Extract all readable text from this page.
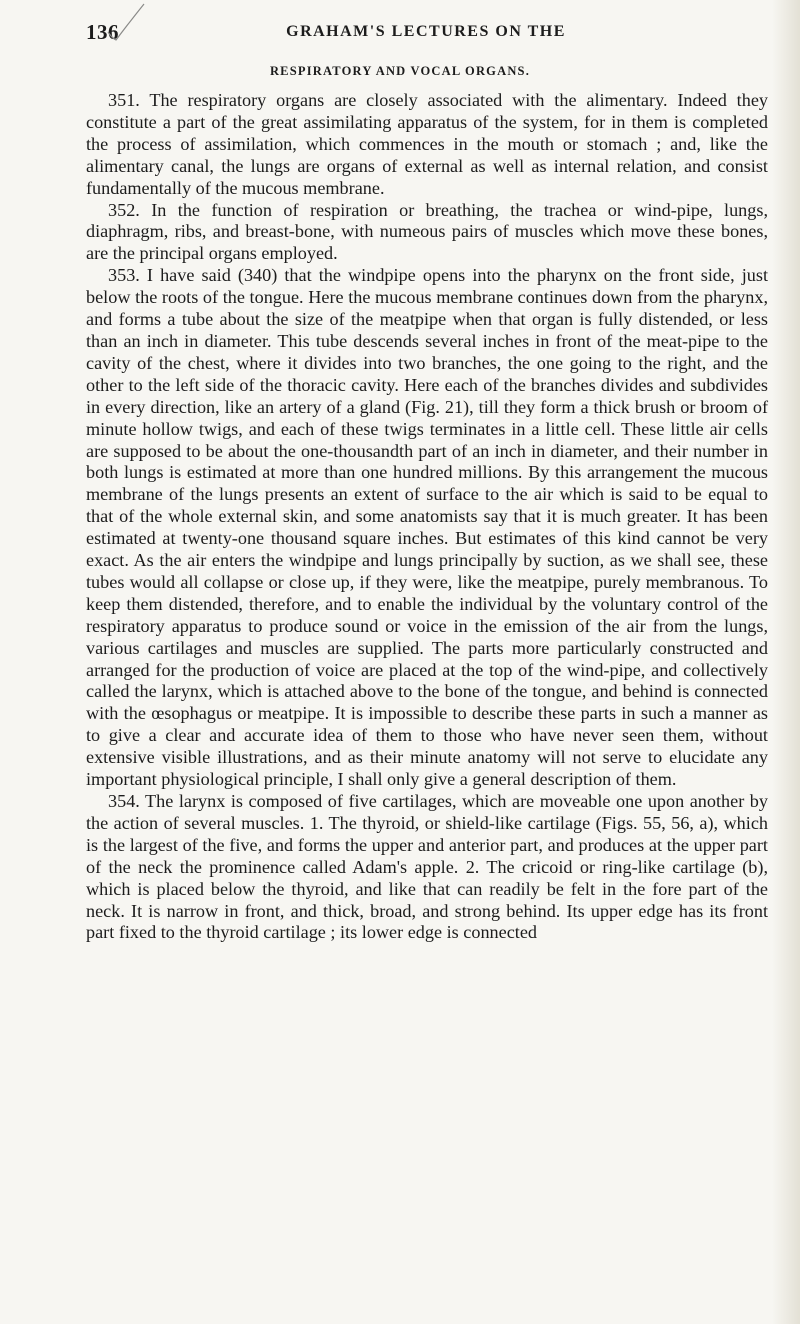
136	GRAHAM'S LECTURES ON THE
RESPIRATORY AND VOCAL ORGANS.

351. The respiratory organs are closely associated with the alimentary. Indeed they constitute a part of the great assimilating apparatus of the system, for in them is completed the process of assimilation, which commences in the mouth or stomach ; and, like the alimentary canal, the lungs are organs of external as well as internal relation, and consist fundamentally of the mucous membrane.

352. In the function of respiration or breathing, the trachea or wind-pipe, lungs, diaphragm, ribs, and breast-bone, with numeous pairs of muscles which move these bones, are the principal organs employed.

353. I have said (340) that the windpipe opens into the pharynx on the front side, just below the roots of the tongue. Here the mucous membrane continues down from the pharynx, and forms a tube about the size of the meatpipe when that organ is fully distended, or less than an inch in diameter. This tube descends several inches in front of the meat-pipe to the cavity of the chest, where it divides into two branches, the one going to the right, and the other to the left side of the thoracic cavity. Here each of the branches divides and subdivides in every direction, like an artery of a gland (Fig. 21), till they form a thick brush or broom of minute hollow twigs, and each of these twigs terminates in a little cell. These little air cells are supposed to be about the one-thousandth part of an inch in diameter, and their number in both lungs is estimated at more than one hundred millions. By this arrangement the mucous membrane of the lungs presents an extent of surface to the air which is said to be equal to that of the whole external skin, and some anatomists say that it is much greater. It has been estimated at twenty-one thousand square inches. But estimates of this kind cannot be very exact. As the air enters the windpipe and lungs principally by suction, as we shall see, these tubes would all collapse or close up, if they were, like the meatpipe, purely membranous. To keep them distended, therefore, and to enable the individual by the voluntary control of the respiratory apparatus to produce sound or voice in the emission of the air from the lungs, various cartilages and muscles are supplied. The parts more particularly constructed and arranged for the production of voice are placed at the top of the wind-pipe, and collectively called the larynx, which is attached above to the bone of the tongue, and behind is connected with the œsophagus or meatpipe. It is impossible to describe these parts in such a manner as to give a clear and accurate idea of them to those who have never seen them, without extensive visible illustrations, and as their minute anatomy will not serve to elucidate any important physiological principle, I shall only give a general description of them.

354. The larynx is composed of five cartilages, which are moveable one upon another by the action of several muscles. 1. The thyroid, or shield-like cartilage (Figs. 55, 56, a), which is the largest of the five, and forms the upper and anterior part, and produces at the upper part of the neck the prominence called Adam's apple. 2. The cricoid or ring-like cartilage (b), which is placed below the thyroid, and like that can readily be felt in the fore part of the neck. It is narrow in front, and thick, broad, and strong behind. Its upper edge has its front part fixed to the thyroid cartilage ; its lower edge is connected
